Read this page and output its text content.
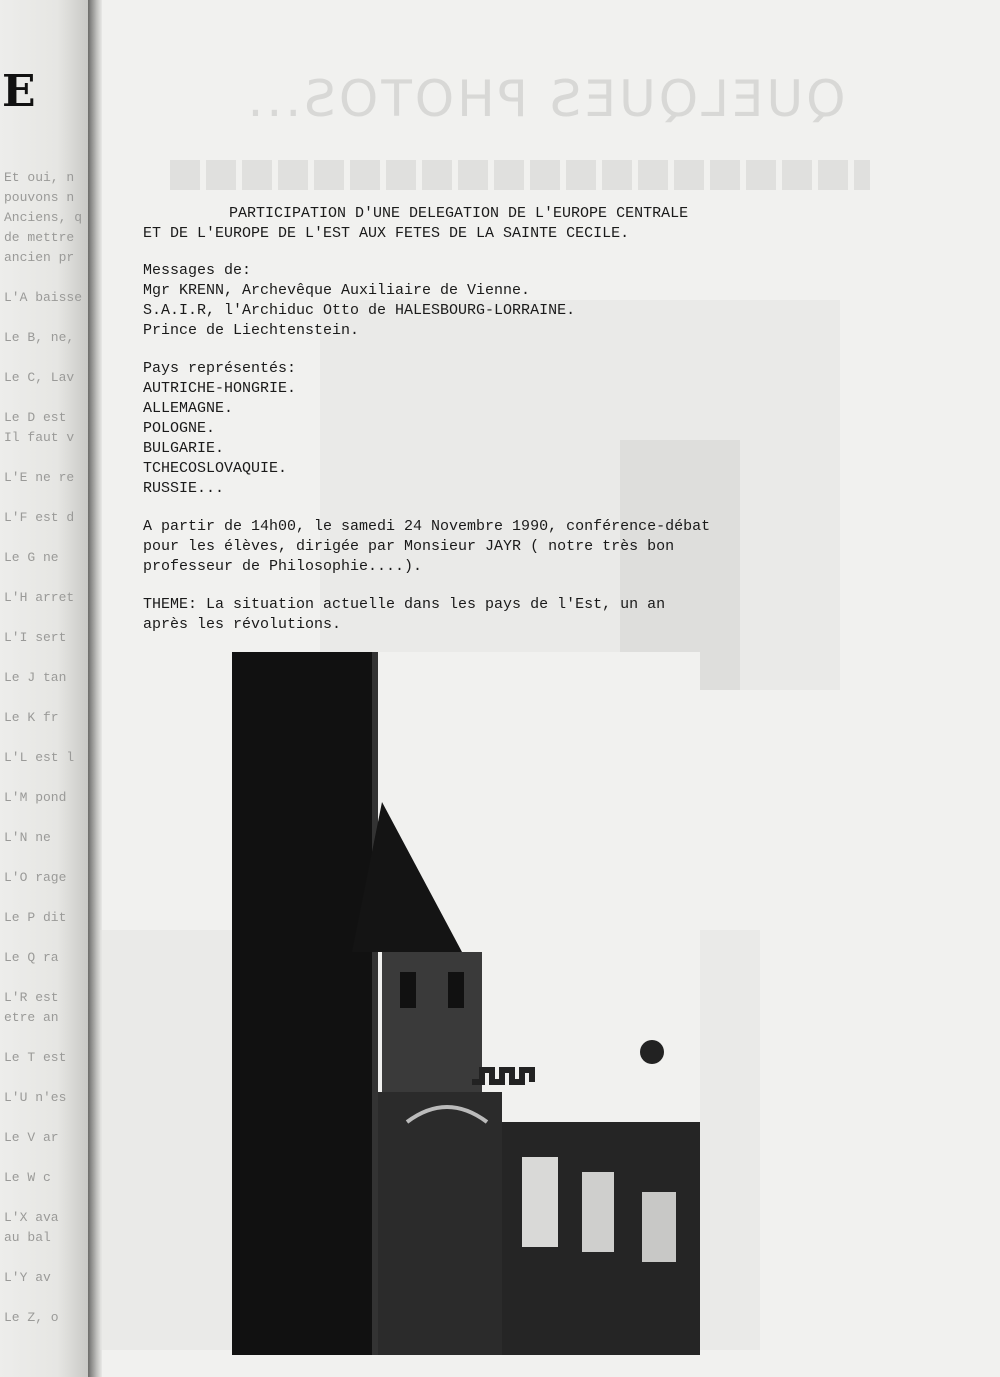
E
Et oui, n
pouvons n
Anciens, q
de mettre
ancien pr
L'A baisse
Le B, ne,
Le C, Lav
Le D est
Il faut v
L'E ne re
L'F est d
Le G ne
L'H arret
L'I sert
Le J tan
Le K fr
L'L est l
L'M pond
L'N ne
L'O rage
Le P dit
Le Q ra
L'R est
etre an
Le T est
L'U n'es
Le V ar
Le W c
L'X ava
au bal
L'Y av
Le Z, o
QUELQUES PHOTOS...
PARTICIPATION D'UNE DELEGATION DE L'EUROPE CENTRALE
ET DE L'EUROPE DE L'EST AUX FETES DE LA SAINTE CECILE.
Messages de:
Mgr KRENN, Archevêque Auxiliaire de Vienne.
S.A.I.R, l'Archiduc Otto de HALESBOURG-LORRAINE.
Prince de Liechtenstein.
Pays représentés:
AUTRICHE-HONGRIE.
ALLEMAGNE.
POLOGNE.
BULGARIE.
TCHECOSLOVAQUIE.
RUSSIE...
A partir de 14h00, le samedi 24 Novembre 1990, conférence-débat
pour les élèves, dirigée par Monsieur JAYR ( notre très bon
professeur de Philosophie....).
THEME: La situation actuelle dans les pays de l'Est, un an
après les révolutions.
